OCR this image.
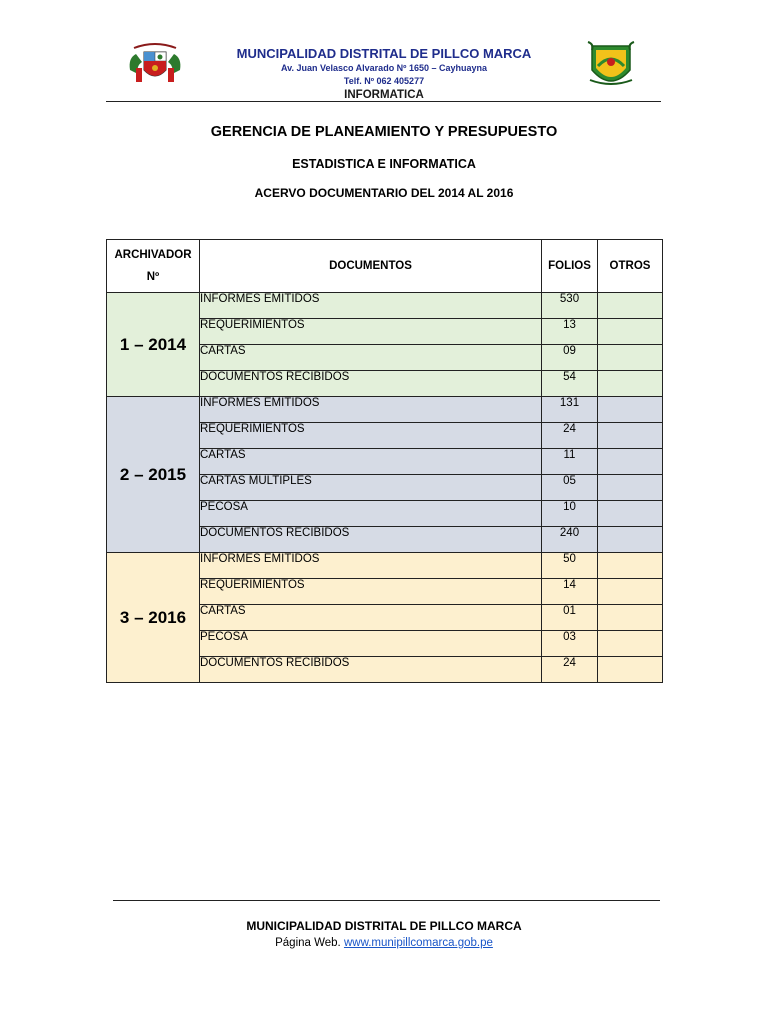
MUNCIPALIDAD DISTRITAL DE PILLCO MARCA
Av. Juan Velasco Alvarado Nº 1650 – Cayhuayna
Telf. Nº 062 405277
INFORMATICA
GERENCIA DE PLANEAMIENTO Y PRESUPUESTO
ESTADISTICA E INFORMATICA
ACERVO DOCUMENTARIO DEL 2014 AL 2016
ARCHIVADOR
Nº	DOCUMENTOS	FOLIOS	OTROS
1 – 2014	INFORMES EMITIDOS	530	
	REQUERIMIENTOS	13	
	CARTAS	09	
	DOCUMENTOS RECIBIDOS	54	
2 – 2015	INFORMES EMITIDOS	131	
	REQUERIMIENTOS	24	
	CARTAS	11	
	CARTAS MULTIPLES	05	
	PECOSA	10	
	DOCUMENTOS RECIBIDOS	240	
3 – 2016	INFORMES EMITIDOS	50	
	REQUERIMIENTOS	14	
	CARTAS	01	
	PECOSA	03	
	DOCUMENTOS RECIBIDOS	24	
MUNICIPALIDAD DISTRITAL DE PILLCO MARCA
Página Web. www.munipillcomarca.gob.pe
